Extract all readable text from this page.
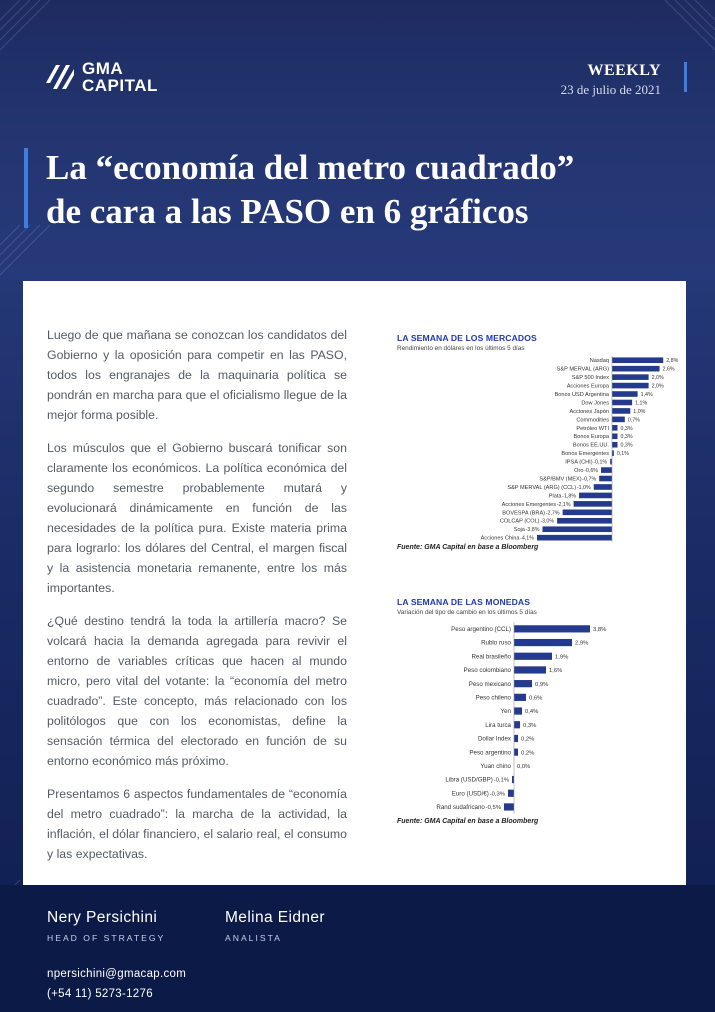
GMA
CAPITAL
WEEKLY
23 de julio de 2021
La “economía del metro cuadrado”
de cara a las PASO en 6 gráficos

Luego de que mañana se conozcan los candidatos del Gobierno y la oposición para competir en las PASO, todos los engranajes de la maquinaria política se pondrán en marcha para que el oficialismo llegue de la mejor forma posible.

Los músculos que el Gobierno buscará tonificar son claramente los económicos. La política económica del segundo semestre probablemente mutará y evolucionará dinámicamente en función de las necesidades de la política pura. Existe materia prima para lograrlo: los dólares del Central, el margen fiscal y la asistencia monetaria remanente, entre los más importantes.

¿Qué destino tendrá la toda la artillería macro? Se volcará hacia la demanda agregada para revivir el entorno de variables críticas que hacen al mundo micro, pero vital del votante: la “economía del metro cuadrado”. Este concepto, más relacionado con los politólogos que con los economistas, define la sensación térmica del electorado en función de su entorno económico más próximo.

Presentamos 6 aspectos fundamentales de “economía del metro cuadrado”: la marcha de la actividad, la inflación, el dólar financiero, el salario real, el consumo y las expectativas.

LA SEMANA DE LOS MERCADOS
Rendimiento en dólares en los últimos 5 días
Nasdaq	2,8%
S&P MERVAL (ARG)	2,6%
S&P 500 Index	2,0%
Acciones Europa	2,0%
Bonos USD Argentina	1,4%
Dow Jones	1,1%
Acciones Japón	1,0%
Commodities	0,7%
Petróleo WTI 0,3%
Bonos Europa 0,3%
Bonos EE.UU. 0,3%
Bonos Emergentes 0,1%
IPSA (CHI) -0,1%
Oro -0,6%
S&P/BMV (MEX) -0,7%
S&P MERVAL (ARG) (CCL) -1,0%
Plata -1,8%
Acciones Emergentes -2,1%
BOVESPA (BRA) -2,7%
COLCAP (COL) -3,0%
Soja -3,8%
Acciones China -4,1%
Fuente: GMA Capital en base a Bloomberg
LA SEMANA DE LAS MONEDAS
Variación del tipo de cambio en los últimos 5 días
Peso argentino (CCL)	3,8%
Rublo ruso	2,9%
Real brasileño	1,9%
Peso colombiano	1,6%
Peso mexicano	0,9%
Peso chileno	0,6%
Yen 0,4%
Lira turca 0,3%
Dollar Index 0,2%
Peso argentino 0,2%
Yuan chino 0,0%
Libra (USD/GBP) -0,1%
Euro (USD/€) -0,3%
Rand sudafricano -0,5%
Fuente: GMA Capital en base a Bloomberg
Nery Persichini
HEAD OF STRATEGY
Melina Eidner
ANALISTA
npersichini@gmacap.com
(+54 11) 5273-1276
